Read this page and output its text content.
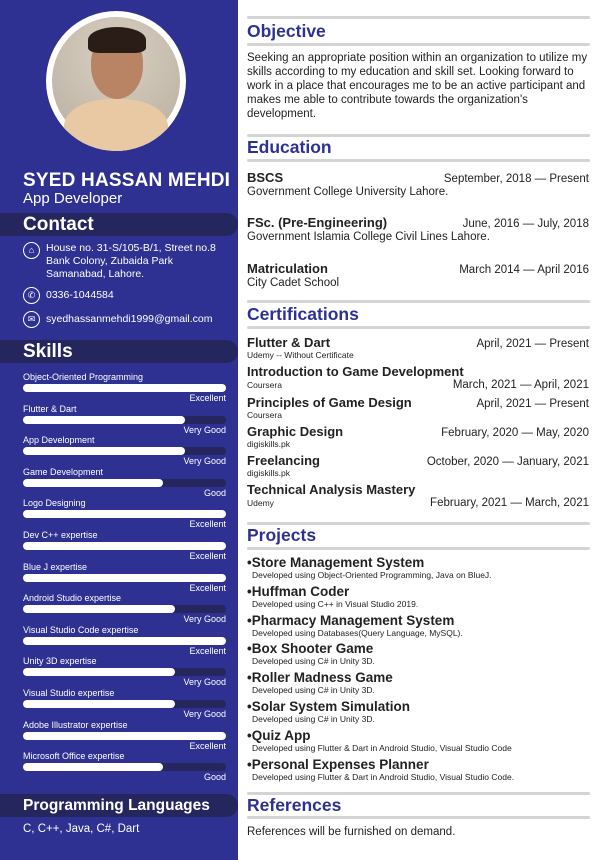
SYED HASSAN MEHDI
App Developer
Contact
⌂	House no. 31-S/105-B/1, Street no.8 Bank Colony, Zubaida Park Samanabad, Lahore.
✆	0336-1044584
✉	syedhassanmehdi1999@gmail.com
Skills
Object-Oriented Programming
Excellent
Flutter & Dart
Very Good
App Development
Very Good
Game Development
Good
Logo Designing
Excellent
Dev C++ expertise
Excellent
Blue J expertise
Excellent
Android Studio expertise
Very Good
Visual Studio Code expertise
Excellent
Unity 3D expertise
Very Good
Visual Studio expertise
Very Good
Adobe Illustrator expertise
Excellent
Microsoft Office expertise
Good
Programming Languages
C, C++, Java, C#, Dart
Objective
Seeking an appropriate position within an organization to utilize my skills according to my education and skill set. Looking forward to work in a place that encourages me to be an active participant and makes me able to contribute towards the organization's development.
Education
BSCS	September, 2018 — Present
Government College University Lahore.
FSc. (Pre-Engineering)	June, 2016 — July, 2018
Government Islamia College Civil Lines Lahore.
Matriculation	March 2014 — April 2016
City Cadet School
Certifications
Flutter & Dart	April, 2021 — Present
Udemy -- Without Certificate
Introduction to Game Development
Coursera	March, 2021 — April, 2021
Principles of Game Design	April, 2021 — Present
Coursera
Graphic Design	February, 2020 — May, 2020
digiskills.pk
Freelancing	October, 2020 — January, 2021
digiskills.pk
Technical Analysis Mastery
Udemy	February, 2021 — March, 2021
Projects
•Store Management System
Developed using Object-Oriented Programming, Java on BlueJ.
•Huffman Coder
Developed using C++ in Visual Studio 2019.
•Pharmacy Management System
Developed using Databases(Query Language, MySQL).
•Box Shooter Game
Developed using C# in Unity 3D.
•Roller Madness Game
Developed using C# in Unity 3D.
•Solar System Simulation
Developed using C# in Unity 3D.
•Quiz App
Developed using Flutter & Dart in Android Studio, Visual Studio Code
•Personal Expenses Planner
Developed using Flutter & Dart in Android Studio, Visual Studio Code.
References
References will be furnished on demand.
